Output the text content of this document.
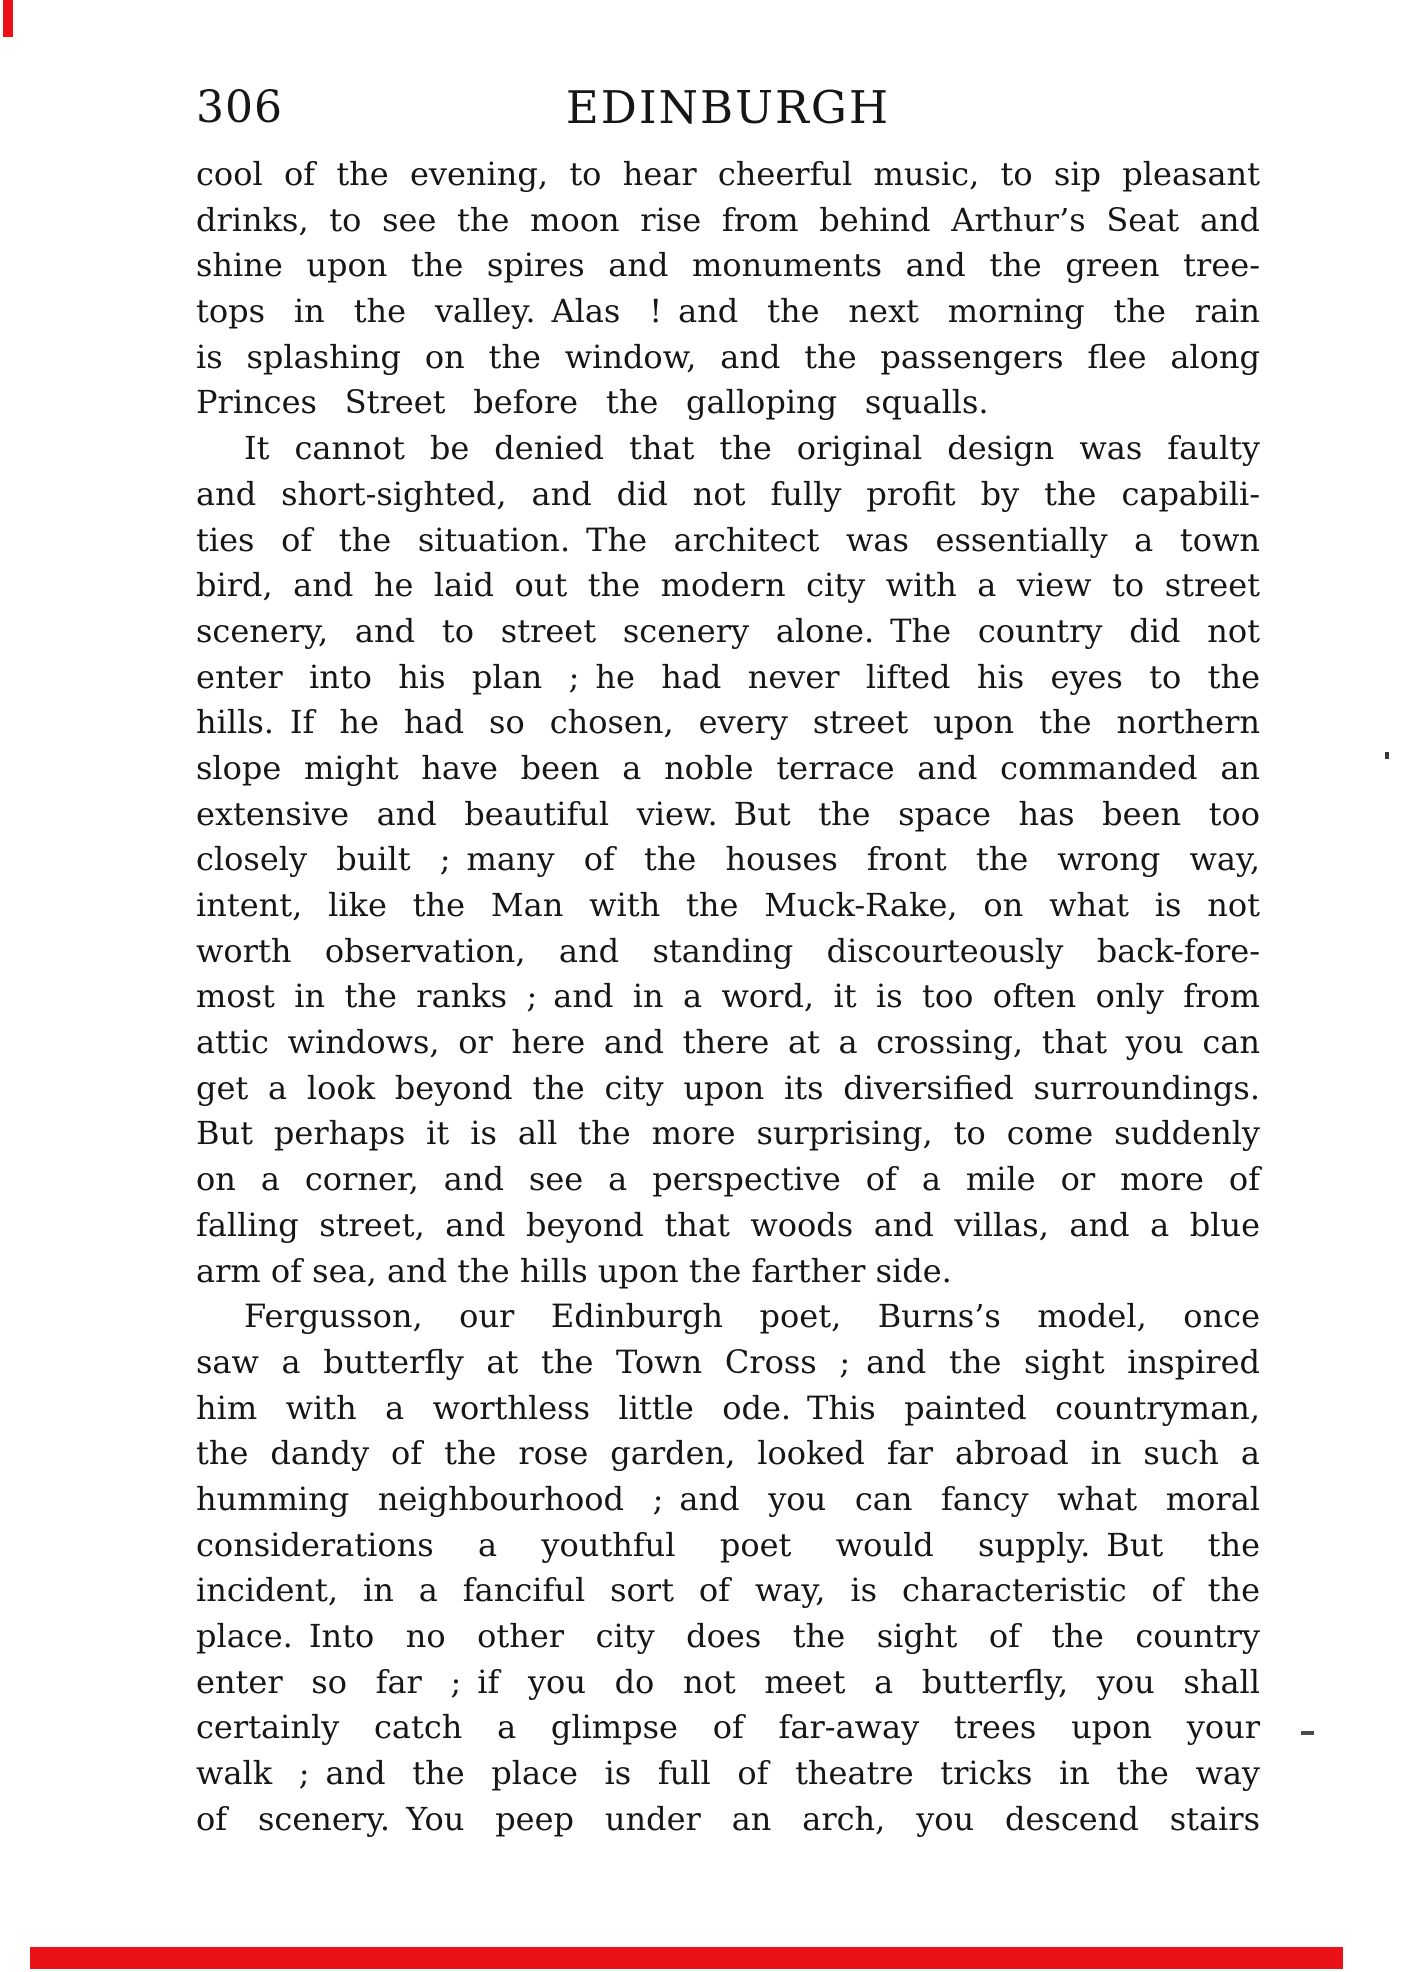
306	EDINBURGH
cool of the evening, to hear cheerful music, to sip pleasant
drinks, to see the moon rise from behind Arthur’s Seat and
shine upon the spires and monuments and the green tree-
tops in the valley. Alas ! and the next morning the rain
is splashing on the window, and the passengers flee along
Princes Street before the galloping squalls.
It cannot be denied that the original design was faulty
and short-sighted, and did not fully profit by the capabili-
ties of the situation. The architect was essentially a town
bird, and he laid out the modern city with a view to street
scenery, and to street scenery alone. The country did not
enter into his plan ; he had never lifted his eyes to the
hills. If he had so chosen, every street upon the northern
slope might have been a noble terrace and commanded an
extensive and beautiful view. But the space has been too
closely built ; many of the houses front the wrong way,
intent, like the Man with the Muck-Rake, on what is not
worth observation, and standing discourteously back-fore-
most in the ranks ; and in a word, it is too often only from
attic windows, or here and there at a crossing, that you can
get a look beyond the city upon its diversified surroundings.
But perhaps it is all the more surprising, to come suddenly
on a corner, and see a perspective of a mile or more of
falling street, and beyond that woods and villas, and a blue
arm of sea, and the hills upon the farther side.
Fergusson, our Edinburgh poet, Burns’s model, once
saw a butterfly at the Town Cross ; and the sight inspired
him with a worthless little ode. This painted countryman,
the dandy of the rose garden, looked far abroad in such a
humming neighbourhood ; and you can fancy what moral
considerations a youthful poet would supply. But the
incident, in a fanciful sort of way, is characteristic of the
place. Into no other city does the sight of the country
enter so far ; if you do not meet a butterfly, you shall
certainly catch a glimpse of far-away trees upon your
walk ; and the place is full of theatre tricks in the way
of scenery. You peep under an arch, you descend stairs
